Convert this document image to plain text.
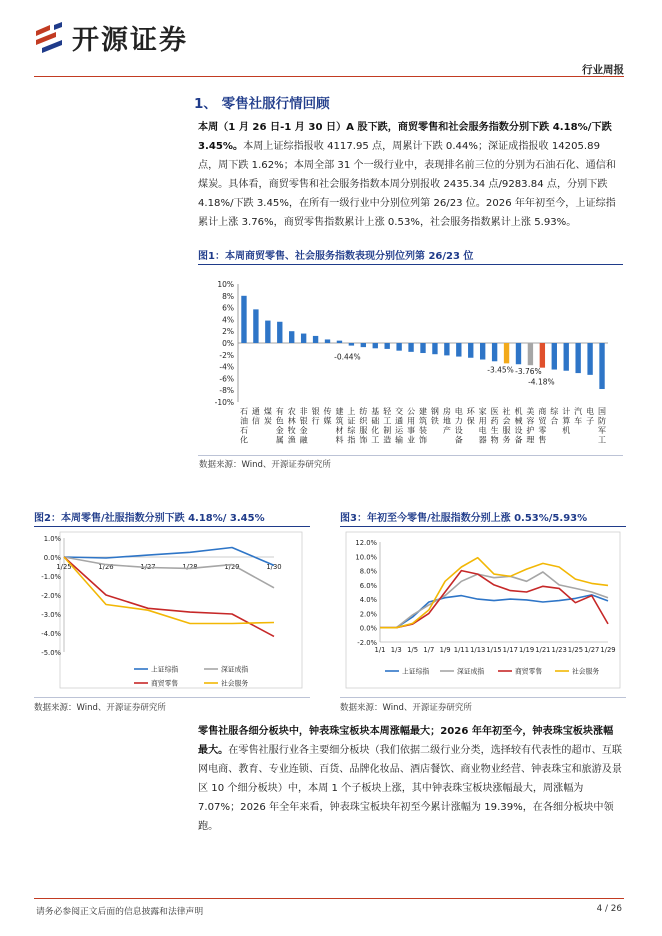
开源证券
行业周报
1、 零售社服行情回顾
本周（1 月 26 日-1 月 30 日）A 股下跌，商贸零售和社会服务指数分别下跌 4.18%/下跌 3.45%。本周上证综指报收 4117.95 点，周累计下跌 0.44%；深证成指报收 14205.89 点，周下跌 1.62%；本周全部 31 个一级行业中，表现排名前三位的分别为石油石化、通信和煤炭。具体看，商贸零售和社会服务指数本周分别报收 2435.34 点/9283.84 点，分别下跌 4.18%/下跌 3.45%，在所有一级行业中分别位列第 26/23 位。2026 年年初至今，上证综指累计上涨 3.76%，商贸零售指数累计上涨 0.53%，社会服务指数累计上涨 5.93%。
图1：本周商贸零售、社会服务指数表现分别位列第 26/23 位
10%
8%
6%
4%
2%
0%
-2%
-4%
-6%
-8%
-10%
石
油
石
化
通
信
煤
炭
有
色
金
属
农
林
牧
渔
非
银
金
融
银
行
传
媒
建
筑
材
料
上
证
综
指
纺
织
服
饰
基
础
化
工
轻
工
制
造
交
通
运
输
公
用
事
业
建
筑
装
饰
钢
铁
房
地
产
电
力
设
备
环
保
家
用
电
器
医
药
生
物
社
会
服
务
机
械
设
备
美
容
护
理
商
贸
零
售
综
合
计
算
机
汽
车
电
子
国
防
军
工
-0.44%
-3.45% -3.76%
-4.18%
数据来源：Wind、开源证券研究所
图2：本周零售/社服指数分别下跌 4.18%/ 3.45%
1.0%
0.0%
-1.0%
-2.0%
-3.0%
-4.0%
-5.0%
1/25	1/26	1/27	1/28	1/29	1/30
上证综指	深证成指
商贸零售	社会服务
数据来源：Wind、开源证券研究所
图3：年初至今零售/社服指数分别上涨 0.53%/5.93%
12.0%
10.0%
8.0%
6.0%
4.0%
2.0%
0.0%
-2.0%
1/1 1/3 1/5 1/7 1/9 1/11 1/13 1/15 1/17 1/19 1/21 1/23 1/25 1/27 1/29
上证综指	深证成指	商贸零售	社会服务
数据来源：Wind、开源证券研究所
零售社服各细分板块中，钟表珠宝板块本周涨幅最大；2026 年年初至今，钟表珠宝板块涨幅最大。在零售社服行业各主要细分板块（我们依据二级行业分类，选择较有代表性的超市、互联网电商、教育、专业连锁、百货、品牌化妆品、酒店餐饮、商业物业经营、钟表珠宝和旅游及景区 10 个细分板块）中，本周 1 个子板块上涨，其中钟表珠宝板块涨幅最大，周涨幅为 7.07%；2026 年全年来看，钟表珠宝板块年初至今累计涨幅为 19.39%，在各细分板块中领跑。
请务必参阅正文后面的信息披露和法律声明	4 / 26
